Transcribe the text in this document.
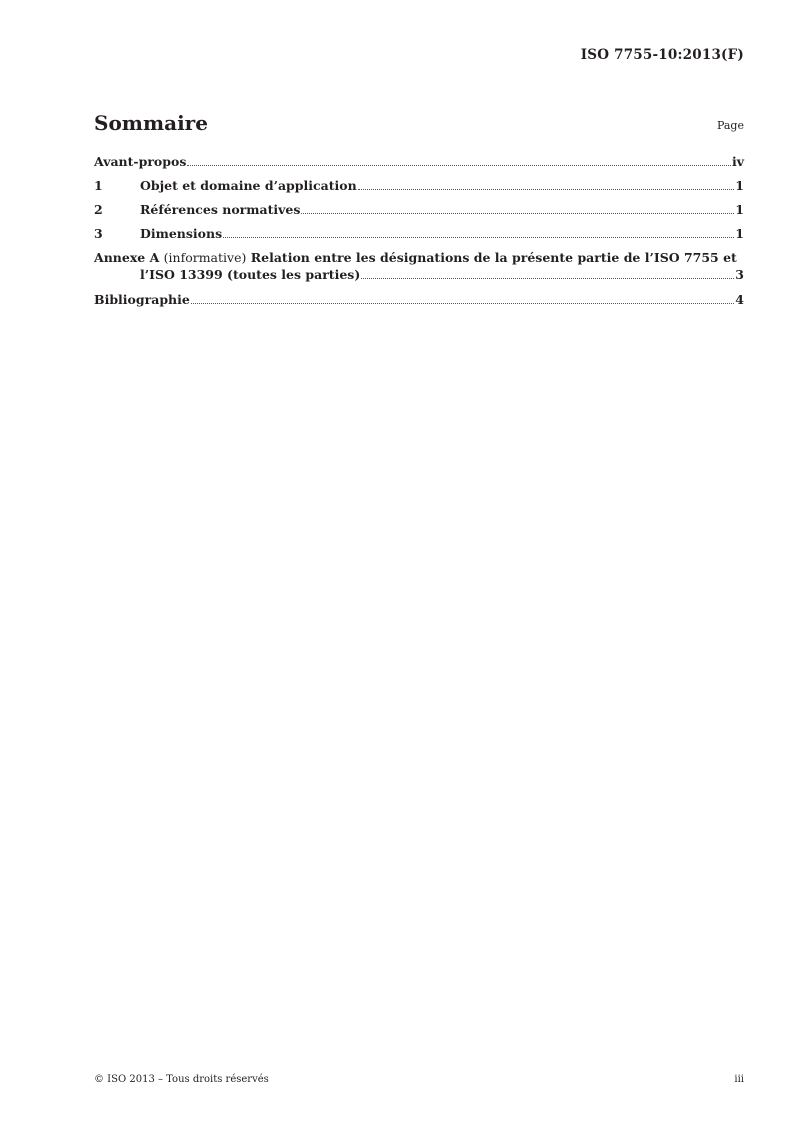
ISO 7755-10:2013(F)
Sommaire	Page
Avant-propos	iv
1	Objet et domaine d’application	1
2	Références normatives	1
3	Dimensions	1
Annexe A (informative) Relation entre les désignations de la présente partie de l’ISO 7755 et
l’ISO 13399 (toutes les parties)	3
Bibliographie	4
© ISO 2013 – Tous droits réservés	iii
